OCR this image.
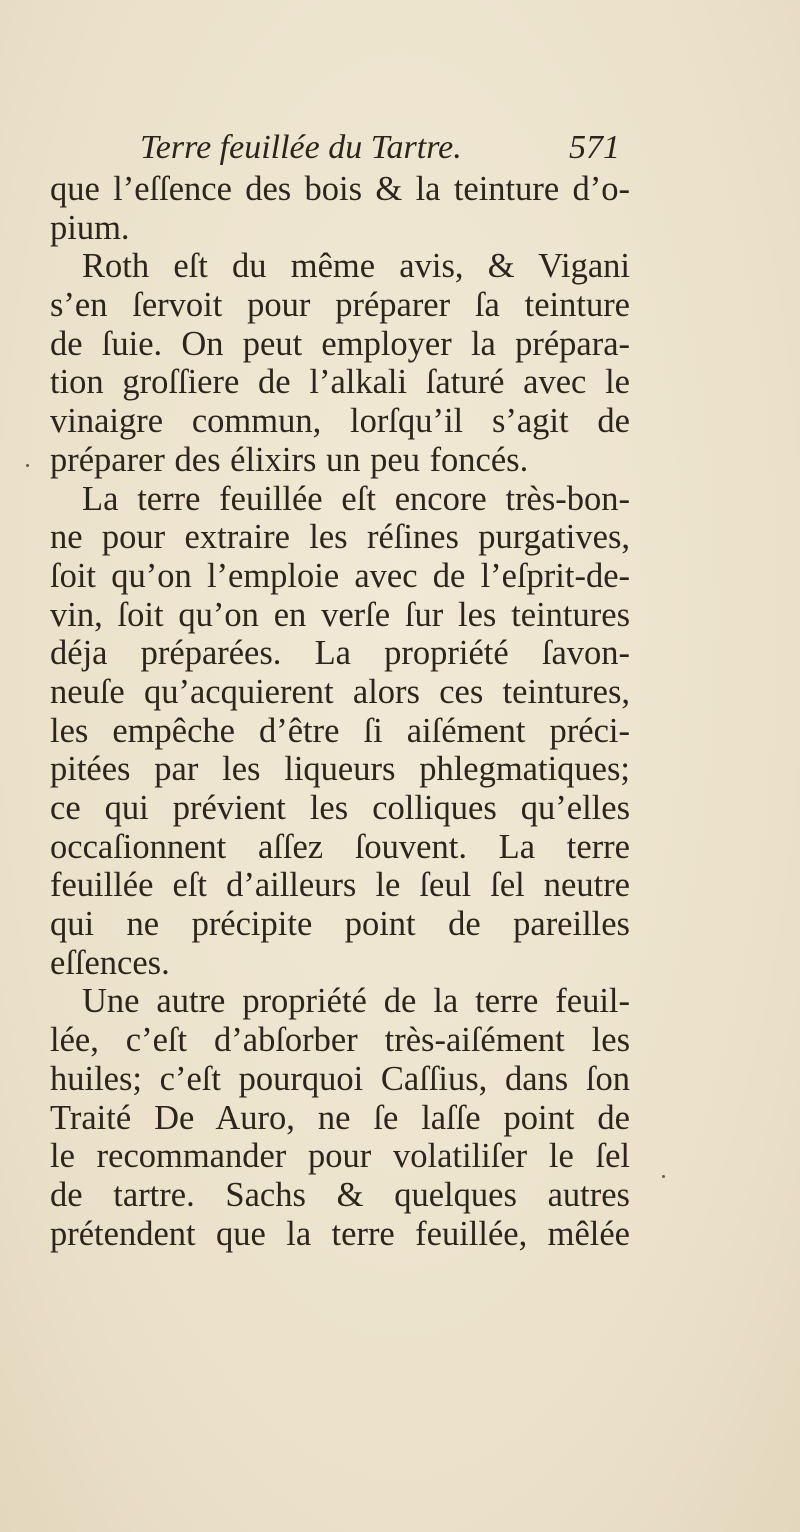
Terre feuillée du Tartre.	571
que l’eſſence des bois & la teinture d’o-
pium.
Roth eſt du même avis, & Vigani
s’en ſervoit pour préparer ſa teinture
de ſuie. On peut employer la prépara-
tion groſſiere de l’alkali ſaturé avec le
vinaigre commun, lorſqu’il s’agit de
préparer des élixirs un peu foncés.
La terre feuillée eſt encore très-bon-
ne pour extraire les réſines purgatives,
ſoit qu’on l’emploie avec de l’eſprit-de-
vin, ſoit qu’on en verſe ſur les teintures
déja préparées. La propriété ſavon-
neuſe qu’acquierent alors ces teintures,
les empêche d’être ſi aiſément préci-
pitées par les liqueurs phlegmatiques;
ce qui prévient les colliques qu’elles
occaſionnent aſſez ſouvent. La terre
feuillée eſt d’ailleurs le ſeul ſel neutre
qui ne précipite point de pareilles
eſſences.
Une autre propriété de la terre feuil-
lée, c’eſt d’abſorber très-aiſément les
huiles; c’eſt pourquoi Caſſius, dans ſon
Traité De Auro, ne ſe laſſe point de
le recommander pour volatiliſer le ſel
de tartre. Sachs & quelques autres
prétendent que la terre feuillée, mêlée
